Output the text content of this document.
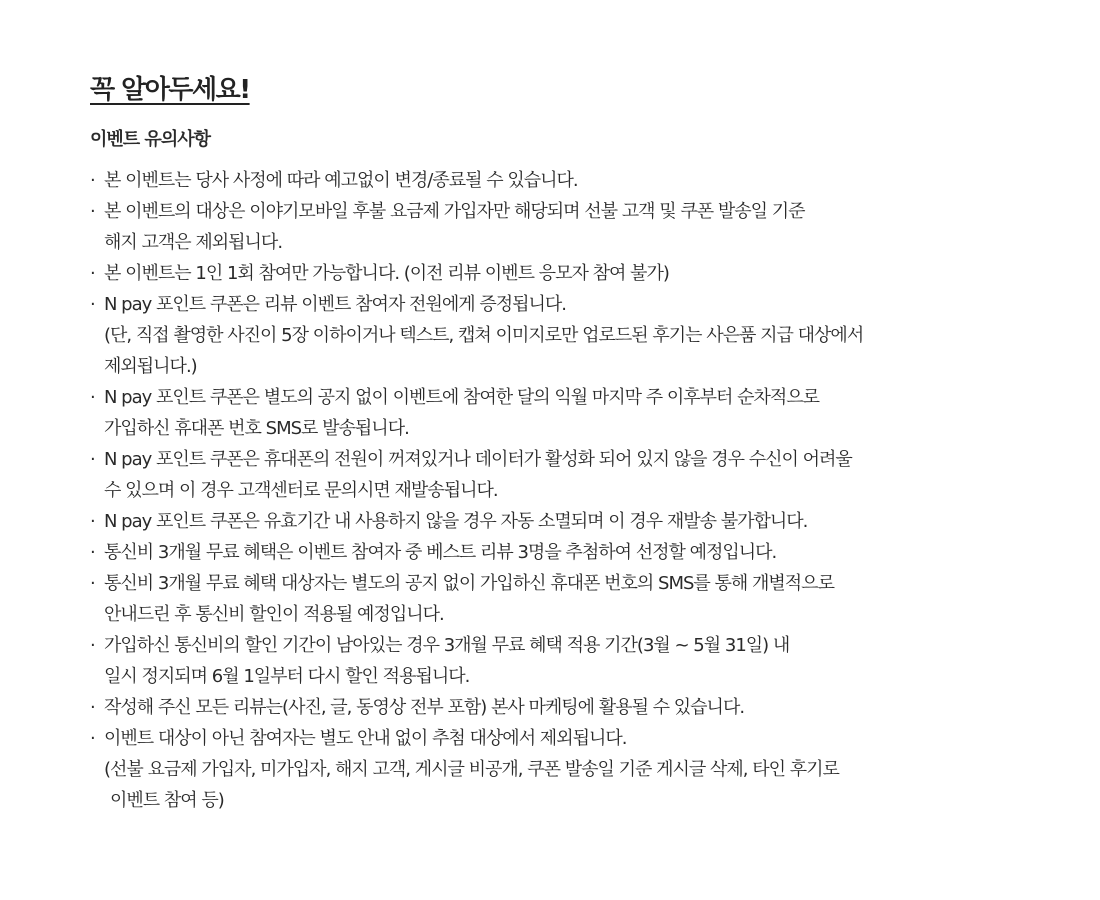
꼭 알아두세요!
이벤트 유의사항
· 본 이벤트는 당사 사정에 따라 예고없이 변경/종료될 수 있습니다.
· 본 이벤트의 대상은 이야기모바일 후불 요금제 가입자만 해당되며 선불 고객 및 쿠폰 발송일 기준
해지 고객은 제외됩니다.
· 본 이벤트는 1인 1회 참여만 가능합니다. (이전 리뷰 이벤트 응모자 참여 불가)
· N pay 포인트 쿠폰은 리뷰 이벤트 참여자 전원에게 증정됩니다.
(단, 직접 촬영한 사진이 5장 이하이거나 텍스트, 캡쳐 이미지로만 업로드된 후기는 사은품 지급 대상에서
제외됩니다.)
· N pay 포인트 쿠폰은 별도의 공지 없이 이벤트에 참여한 달의 익월 마지막 주 이후부터 순차적으로
가입하신 휴대폰 번호 SMS로 발송됩니다.
· N pay 포인트 쿠폰은 휴대폰의 전원이 꺼져있거나 데이터가 활성화 되어 있지 않을 경우 수신이 어려울
수 있으며 이 경우 고객센터로 문의시면 재발송됩니다.
· N pay 포인트 쿠폰은 유효기간 내 사용하지 않을 경우 자동 소멸되며 이 경우 재발송 불가합니다.
· 통신비 3개월 무료 혜택은 이벤트 참여자 중 베스트 리뷰 3명을 추첨하여 선정할 예정입니다.
· 통신비 3개월 무료 혜택 대상자는 별도의 공지 없이 가입하신 휴대폰 번호의 SMS를 통해 개별적으로
안내드린 후 통신비 할인이 적용될 예정입니다.
· 가입하신 통신비의 할인 기간이 남아있는 경우 3개월 무료 혜택 적용 기간(3월 ~ 5월 31일) 내
일시 정지되며 6월 1일부터 다시 할인 적용됩니다.
· 작성해 주신 모든 리뷰는(사진, 글, 동영상 전부 포함) 본사 마케팅에 활용될 수 있습니다.
· 이벤트 대상이 아닌 참여자는 별도 안내 없이 추첨 대상에서 제외됩니다.
(선불 요금제 가입자, 미가입자, 해지 고객, 게시글 비공개, 쿠폰 발송일 기준 게시글 삭제, 타인 후기로
이벤트 참여 등)
